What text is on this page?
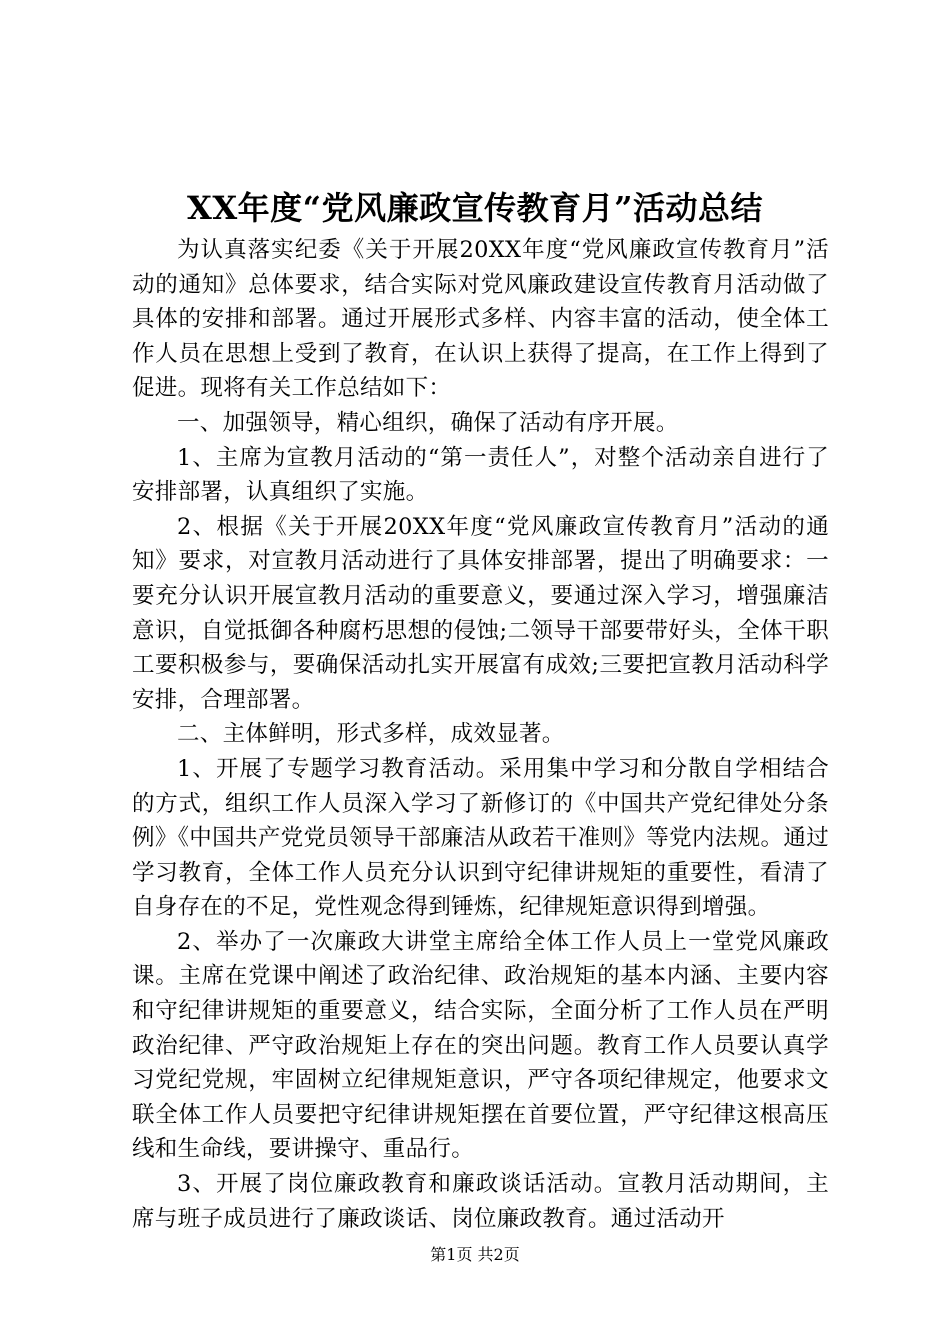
XX年度“党风廉政宣传教育月”活动总结

为认真落实纪委《关于开展20XX年度“党风廉政宣传教育月”活动的通知》总体要求，结合实际对党风廉政建设宣传教育月活动做了具体的安排和部署。通过开展形式多样、内容丰富的活动，使全体工作人员在思想上受到了教育，在认识上获得了提高，在工作上得到了促进。现将有关工作总结如下：

一、加强领导，精心组织，确保了活动有序开展。

1、主席为宣教月活动的“第一责任人”，对整个活动亲自进行了安排部署，认真组织了实施。

2、根据《关于开展20XX年度“党风廉政宣传教育月”活动的通知》要求，对宣教月活动进行了具体安排部署，提出了明确要求：一要充分认识开展宣教月活动的重要意义，要通过深入学习，增强廉洁意识，自觉抵御各种腐朽思想的侵蚀;二领导干部要带好头，全体干职工要积极参与，要确保活动扎实开展富有成效;三要把宣教月活动科学安排，合理部署。

二、主体鲜明，形式多样，成效显著。

1、开展了专题学习教育活动。采用集中学习和分散自学相结合的方式，组织工作人员深入学习了新修订的《中国共产党纪律处分条例》《中国共产党党员领导干部廉洁从政若干准则》等党内法规。通过学习教育，全体工作人员充分认识到守纪律讲规矩的重要性，看清了自身存在的不足，党性观念得到锤炼，纪律规矩意识得到增强。

2、举办了一次廉政大讲堂主席给全体工作人员上一堂党风廉政课。主席在党课中阐述了政治纪律、政治规矩的基本内涵、主要内容和守纪律讲规矩的重要意义，结合实际，全面分析了工作人员在严明政治纪律、严守政治规矩上存在的突出问题。教育工作人员要认真学习党纪党规，牢固树立纪律规矩意识，严守各项纪律规定，他要求文联全体工作人员要把守纪律讲规矩摆在首要位置，严守纪律这根高压线和生命线，要讲操守、重品行。

3、开展了岗位廉政教育和廉政谈话活动。宣教月活动期间，主席与班子成员进行了廉政谈话、岗位廉政教育。通过活动开

第1页 共2页
